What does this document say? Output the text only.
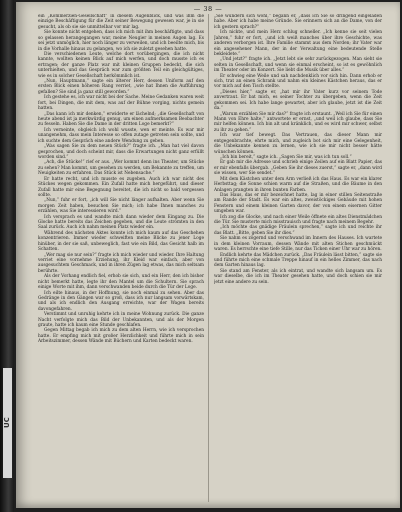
UC
— 38 —

ein „Kommerzien-Gesellschaft“ in diesem Augenblick, und was ihm die einzige Beschäftigung für die Zeit seiner Bewegung gewesen war, je in sie gesucht, als ob sie sie unmittelbar vor mir lag.

Sie konnte nicht entgehen, dass ich mich mit ihm beschäftigte, und dass so gelassen herangegangen war, meine Neugier in meinen Augen lag. Es sei jetzt unmöglich, hier noch länger zu verweilen, und ich beeilte mich, bis in die Vorhalle hinaus zu gelangen, wo ich sie zuletzt gesehen hatte.

Die verschiedenen Leute, welche dort vorübergingen, die ich nicht kannte, wollten keinen Blick auf mich werfen, und doch musste ich es ertragen; der ganze Platz war mit kleinen Gruppen bedeckt, die sich unterhielten, und das Gespräch war zum größten Teil ein gleichgültiges, wie es in solcher Gesellschaft herkömmlich ist.

„Nun, Hauptmann,“ sagte ein älterer Herr, dessen Uniform auf den ersten Blick einen höheren Rang verriet, „wie hat Ihnen die Aufführung gefallen? Sie sind ja ganz still geworden.“

Ich gestehe es, ich war nicht bei der Sache. Meine Gedanken waren weit fort, bei Dingen, die mit dem, was auf der Bühne vorging, nichts gemein hatten.

„Das kann ich mir denken,“ erwiderte er lächelnd; „die Gesellschaft von heute abend ist ja merkwürdig genug, um einen aufmerksamen Beobachter zu fesseln. Haben Sie die Dame in der dritten Loge bemerkt?“

Ich verneinte, obgleich ich wohl wusste, wen er meinte. Es war mir unangenehm, dass mein Interesse so offen zutage getreten sein sollte, und ich suchte dem Gespräch eine andere Wendung zu geben.

„Was sagen Sie zu dem neuen Stück?“ fragte ich. „Man hat viel davon gesprochen, und doch scheint mir, dass die Erwartungen nicht ganz erfüllt worden sind.“

„Ach, die Stücke!“ rief er aus. „Wer kommt denn ins Theater, um Stücke zu sehen? Man kommt, um gesehen zu werden, um Bekannte zu treffen, um Neuigkeiten zu erfahren. Das Stück ist Nebensache.“

Er hatte recht, und ich musste es zugeben. Auch ich war nicht des Stückes wegen gekommen. Ein Zufall hatte mich hergeführt, und dieser Zufall hatte mir eine Begegnung bereitet, die ich nicht so bald vergessen sollte.

„Nun,“ fuhr er fort, „ich will Sie nicht länger aufhalten. Aber wenn Sie morgen Zeit haben, besuchen Sie mich; ich habe Ihnen manches zu erzählen, was Sie interessieren wird.“

Ich versprach es und wandte mich dann wieder dem Eingang zu. Die Glocke hatte bereits das Zeichen gegeben, und die Leute strömten in den Saal zurück. Auch ich nahm meinen Platz wieder ein.

Während des nächsten Aktes konnte ich mich kaum auf das Geschehen konzentrieren. Immer wieder schweiften meine Blicke zu jener Loge hinüber, in der sie saß, unbeweglich, fast wie ein Bild, das Gesicht halb im Schatten.

„Wer mag sie nur sein?“ fragte ich mich wieder und wieder. Ihre Haltung verriet eine vornehme Erziehung, ihr Kleid war einfach, aber von ausgesuchtem Geschmack, und in ihren Zügen lag etwas, das mich seltsam berührte.

Als der Vorhang endlich fiel, erhob sie sich, und ein Herr, den ich bisher nicht bemerkt hatte, legte ihr den Mantel um die Schultern. Sie sprach einige Worte mit ihm, dann verschwanden beide durch die Tür der Loge.

Ich eilte hinaus, in der Hoffnung, sie noch einmal zu sehen. Aber das Gedränge in den Gängen war so groß, dass ich nur langsam vorwärtskam, und als ich endlich den Ausgang erreichte, war der Wagen bereits davongefahren.

Verstimmt und unruhig kehrte ich in meine Wohnung zurück. Die ganze Nacht verfolgte mich das Bild der Unbekannten, und als der Morgen graute, hatte ich kaum eine Stunde geschlafen.

Gegen Mittag begab ich mich zu dem alten Herrn, wie ich versprochen hatte. Er empfing mich mit großer Herzlichkeit und führte mich in sein Arbeitszimmer, dessen Wände mit Büchern und Karten bedeckt waren.

„Sie wundern sich wohl,“ begann er, „dass ich Sie so dringend eingeladen habe. Aber ich habe meine Gründe. Sie erinnern sich an die Dame, von der ich gestern sprach?“

Ich nickte, und mein Herz schlug schneller. „Ich kenne sie seit vielen Jahren,“ fuhr er fort, „und ich weiß manches über ihre Geschichte, was anderen verborgen ist. Ihre Familie stammt aus dem Norden; ihr Vater war ein angesehener Mann, der in der Verwaltung eine bedeutende Stelle bekleidete.“

„Und jetzt?“ fragte ich. „Jetzt lebt sie sehr zurückgezogen. Man sieht sie selten in Gesellschaft, und wenn sie einmal erscheint, so ist es gewöhnlich im Theater oder im Konzert. Sie liebt die Musik über alles.“

Er schwieg eine Weile und sah nachdenklich vor sich hin. Dann erhob er sich, trat an einen Schrank und nahm ein kleines Kästchen heraus, das er vor mich auf den Tisch stellte.

„Dieses hier,“ sagte er, „hat mir ihr Vater kurz vor seinem Tode anvertraut. Er bat mich, es seiner Tochter zu übergeben, wenn die Zeit gekommen sei. Ich habe lange gewartet, aber ich glaube, jetzt ist die Zeit da.“

„Warum erzählen Sie mir das?“ fragte ich erstaunt. „Weil ich Sie für einen Mann von Ehre halte,“ antwortete er ernst, „und weil ich glaube, dass Sie mir helfen können. Ich bin alt und kränklich, und es wird mir schwer, selbst zu ihr zu gehen.“

Ich war tief bewegt. Das Vertrauen, das dieser Mann mir entgegenbrachte, ehrte mich, und zugleich bot sich mir eine Gelegenheit, die Unbekannte kennen zu lernen, wie ich sie mir nicht besser hätte wünschen können.

„Ich bin bereit,“ sagte ich. „Sagen Sie mir, was ich tun soll.“

Er gab mir die Adresse und schrieb einige Zeilen auf ein Blatt Papier, das er mir ebenfalls übergab. „Geben Sie ihr dieses zuerst,“ sagte er, „dann wird sie wissen, wer Sie sendet.“

Mit dem Kästchen unter dem Arm verließ ich das Haus. Es war ein klarer Herbsttag; die Sonne schien warm auf die Straßen, und die Bäume in den Anlagen prangten in ihren bunten Farben.

Das Haus, das er mir bezeichnet hatte, lag in einer stillen Seitenstraße am Rande der Stadt. Es war ein altes, zweistöckiges Gebäude mit hohen Fenstern und einem kleinen Garten davor, der von einem eisernen Gitter umgeben war.

Ich zog die Glocke, und nach einer Weile öffnete ein altes Dienstmädchen die Tür. Sie musterte mich misstrauisch und fragte nach meinem Begehr.

„Ich möchte das gnädige Fräulein sprechen,“ sagte ich und reichte ihr das Blatt. „Bitte, geben Sie ihr dies.“

Sie nahm es zögernd und verschwand im Innern des Hauses. Ich wartete in dem kleinen Vorraum, dessen Wände mit alten Stichen geschmückt waren. Es herrschte eine tiefe Stille, nur das Ticken einer Uhr war zu hören.

Endlich kehrte das Mädchen zurück. „Das Fräulein lässt bitten,“ sagte sie und führte mich eine schmale Treppe hinauf in ein helles Zimmer, das nach dem Garten hinaus lag.

Sie stand am Fenster, als ich eintrat, und wandte sich langsam um. Es war dieselbe, die ich im Theater gesehen hatte, und doch schien sie mir jetzt eine andere zu sein.
